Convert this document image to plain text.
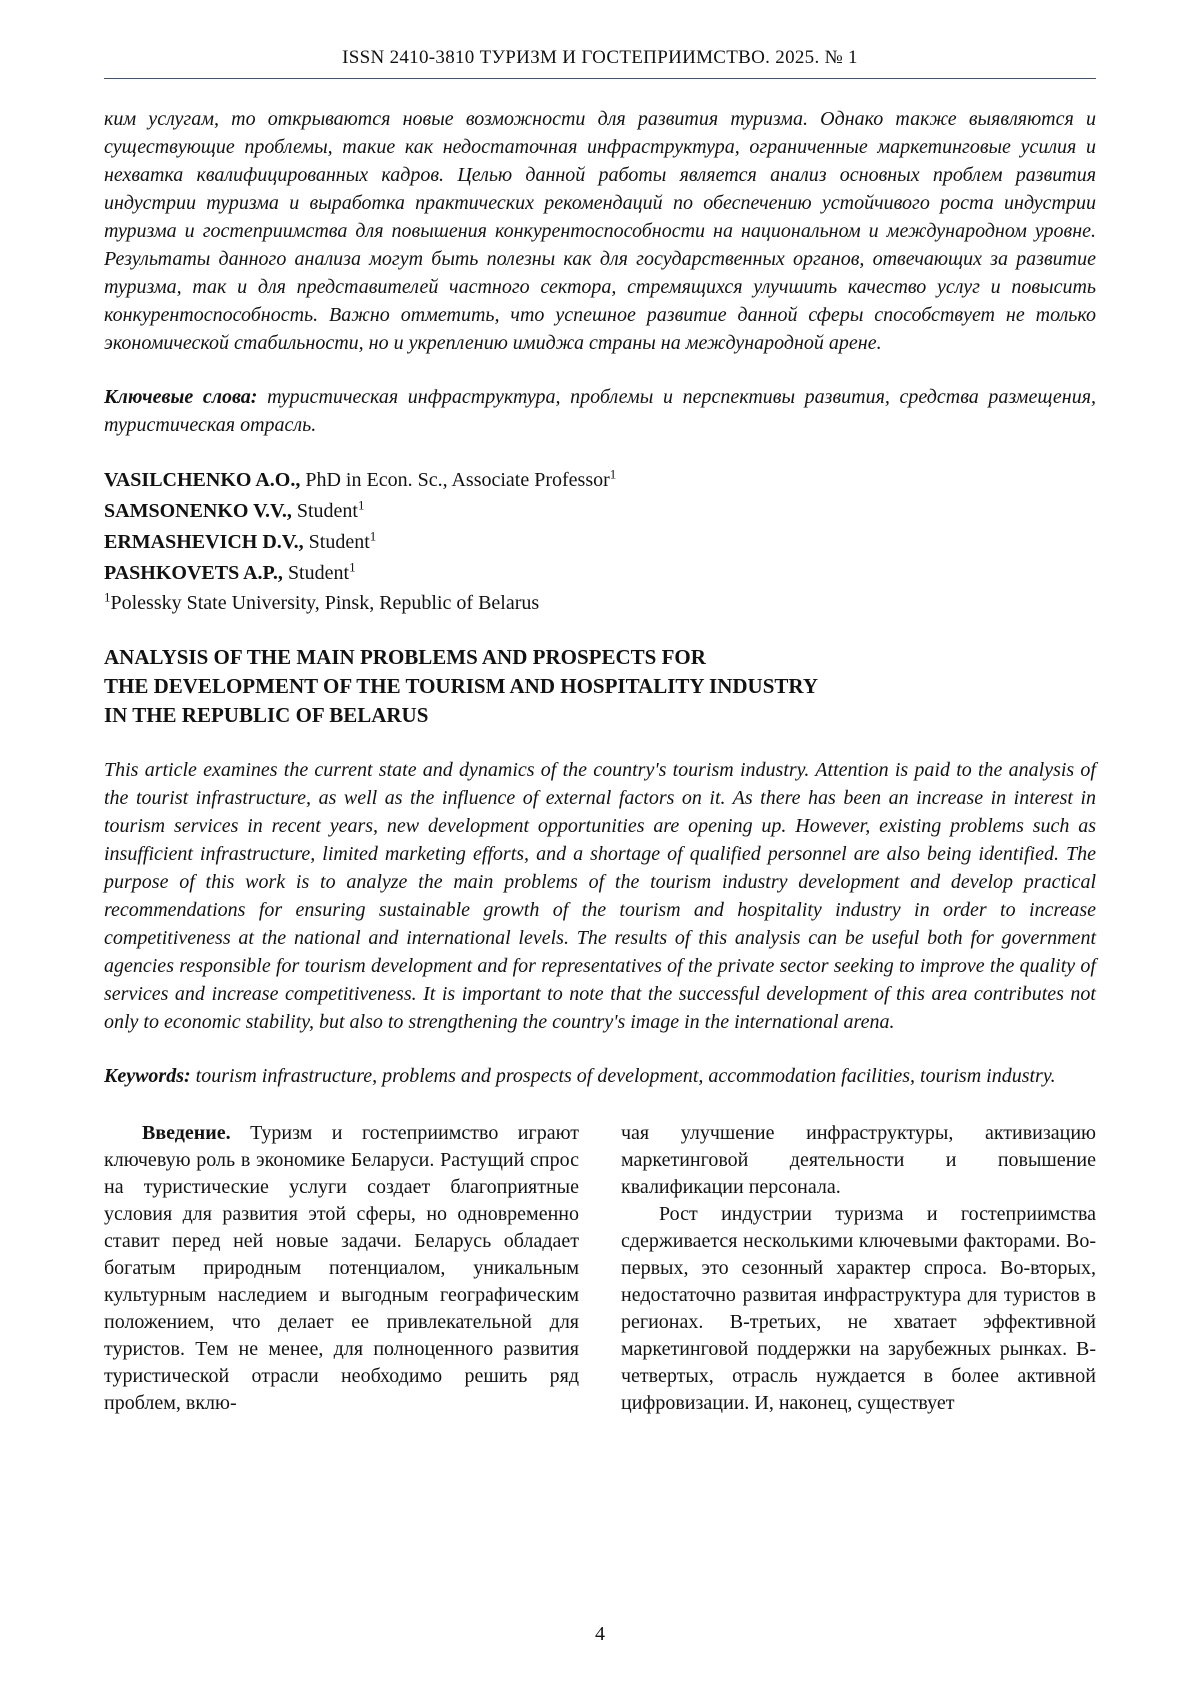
ISSN 2410-3810 ТУРИЗМ И ГОСТЕПРИИМСТВО. 2025. № 1
ким услугам, то открываются новые возможности для развития туризма. Однако также выявляются и существующие проблемы, такие как недостаточная инфраструктура, ограниченные маркетинговые усилия и нехватка квалифицированных кадров. Целью данной работы является анализ основных проблем развития индустрии туризма и выработка практических рекомендаций по обеспечению устойчивого роста индустрии туризма и гостеприимства для повышения конкурентоспособности на национальном и международном уровне. Результаты данного анализа могут быть полезны как для государственных органов, отвечающих за развитие туризма, так и для представителей частного сектора, стремящихся улучшить качество услуг и повысить конкурентоспособность. Важно отметить, что успешное развитие данной сферы способствует не только экономической стабильности, но и укреплению имиджа страны на международной арене.
Ключевые слова: туристическая инфраструктура, проблемы и перспективы развития, средства размещения, туристическая отрасль.
VASILCHENKO A.O., PhD in Econ. Sc., Associate Professor$^1$
SAMSONENKO V.V., Student$^1$
ERMASHEVICH D.V., Student$^1$
PASHKOVETS A.P., Student$^1$
$^1$Polessky State University, Pinsk, Republic of Belarus
ANALYSIS OF THE MAIN PROBLEMS AND PROSPECTS FOR
THE DEVELOPMENT OF THE TOURISM AND HOSPITALITY INDUSTRY
IN THE REPUBLIC OF BELARUS
This article examines the current state and dynamics of the country's tourism industry. Attention is paid to the analysis of the tourist infrastructure, as well as the influence of external factors on it. As there has been an increase in interest in tourism services in recent years, new development opportunities are opening up. However, existing problems such as insufficient infrastructure, limited marketing efforts, and a shortage of qualified personnel are also being identified. The purpose of this work is to analyze the main problems of the tourism industry development and develop practical recommendations for ensuring sustainable growth of the tourism and hospitality industry in order to increase competitiveness at the national and international levels. The results of this analysis can be useful both for government agencies responsible for tourism development and for representatives of the private sector seeking to improve the quality of services and increase competitiveness. It is important to note that the successful development of this area contributes not only to economic stability, but also to strengthening the country's image in the international arena.
Keywords: tourism infrastructure, problems and prospects of development, accommodation facilities, tourism industry.

Введение. Туризм и гостеприимство играют ключевую роль в экономике Беларуси. Растущий спрос на туристические услуги создает благоприятные условия для развития этой сферы, но одновременно ставит перед ней новые задачи. Беларусь обладает богатым природным потенциалом, уникальным культурным наследием и выгодным географическим положением, что делает ее привлекательной для туристов. Тем не менее, для полноценного развития туристической отрасли необходимо решить ряд проблем, вклю-

чая улучшение инфраструктуры, активизацию маркетинговой деятельности и повышение квалификации персонала.

Рост индустрии туризма и гостеприимства сдерживается несколькими ключевыми факторами. Во-первых, это сезонный характер спроса. Во-вторых, недостаточно развитая инфраструктура для туристов в регионах. В-третьих, не хватает эффективной маркетинговой поддержки на зарубежных рынках. В-четвертых, отрасль нуждается в более активной цифровизации. И, наконец, существует

4
